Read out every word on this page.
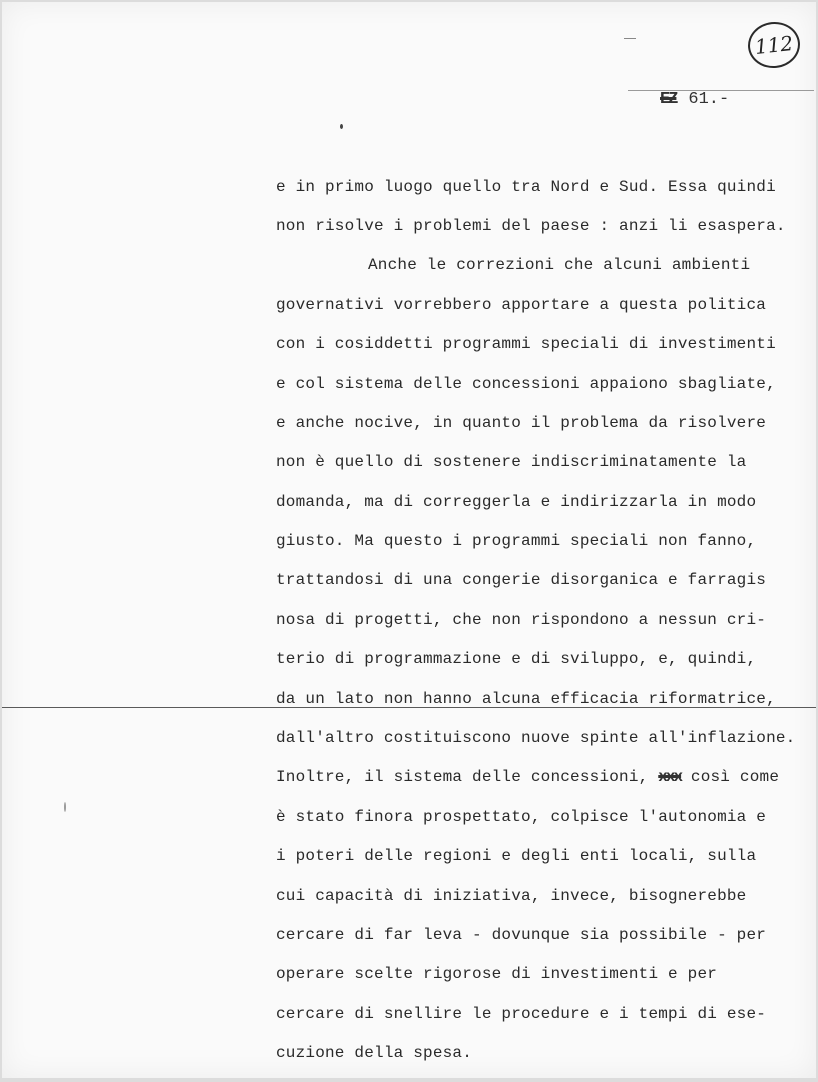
112
EZ 61.-
e in primo luogo quello tra Nord e Sud. Essa quindi
non risolve i problemi del paese : anzi li esaspera.
Anche le correzioni che alcuni ambienti
governativi vorrebbero apportare a questa politica
con i cosiddetti programmi speciali di investimenti
e col sistema delle concessioni appaiono sbagliate,
e anche nocive, in quanto il problema da risolvere
non è quello di sostenere indiscriminatamente la
domanda, ma di correggerla e indirizzarla in modo
giusto. Ma questo i programmi speciali non fanno,
trattandosi di una congerie disorganica e farragis
nosa di progetti, che non rispondono a nessun cri-
terio di programmazione e di sviluppo, e, quindi,
da un lato non hanno alcuna efficacia riformatrice,
dall'altro costituiscono nuove spinte all'inflazione.
Inoltre, il sistema delle concessioni, xxx così come
è stato finora prospettato, colpisce l'autonomia e
i poteri delle regioni e degli enti locali, sulla
cui capacità di iniziativa, invece, bisognerebbe
cercare di far leva - dovunque sia possibile - per
operare scelte rigorose di investimenti e per
cercare di snellire le procedure e i tempi di ese-
cuzione della spesa.
